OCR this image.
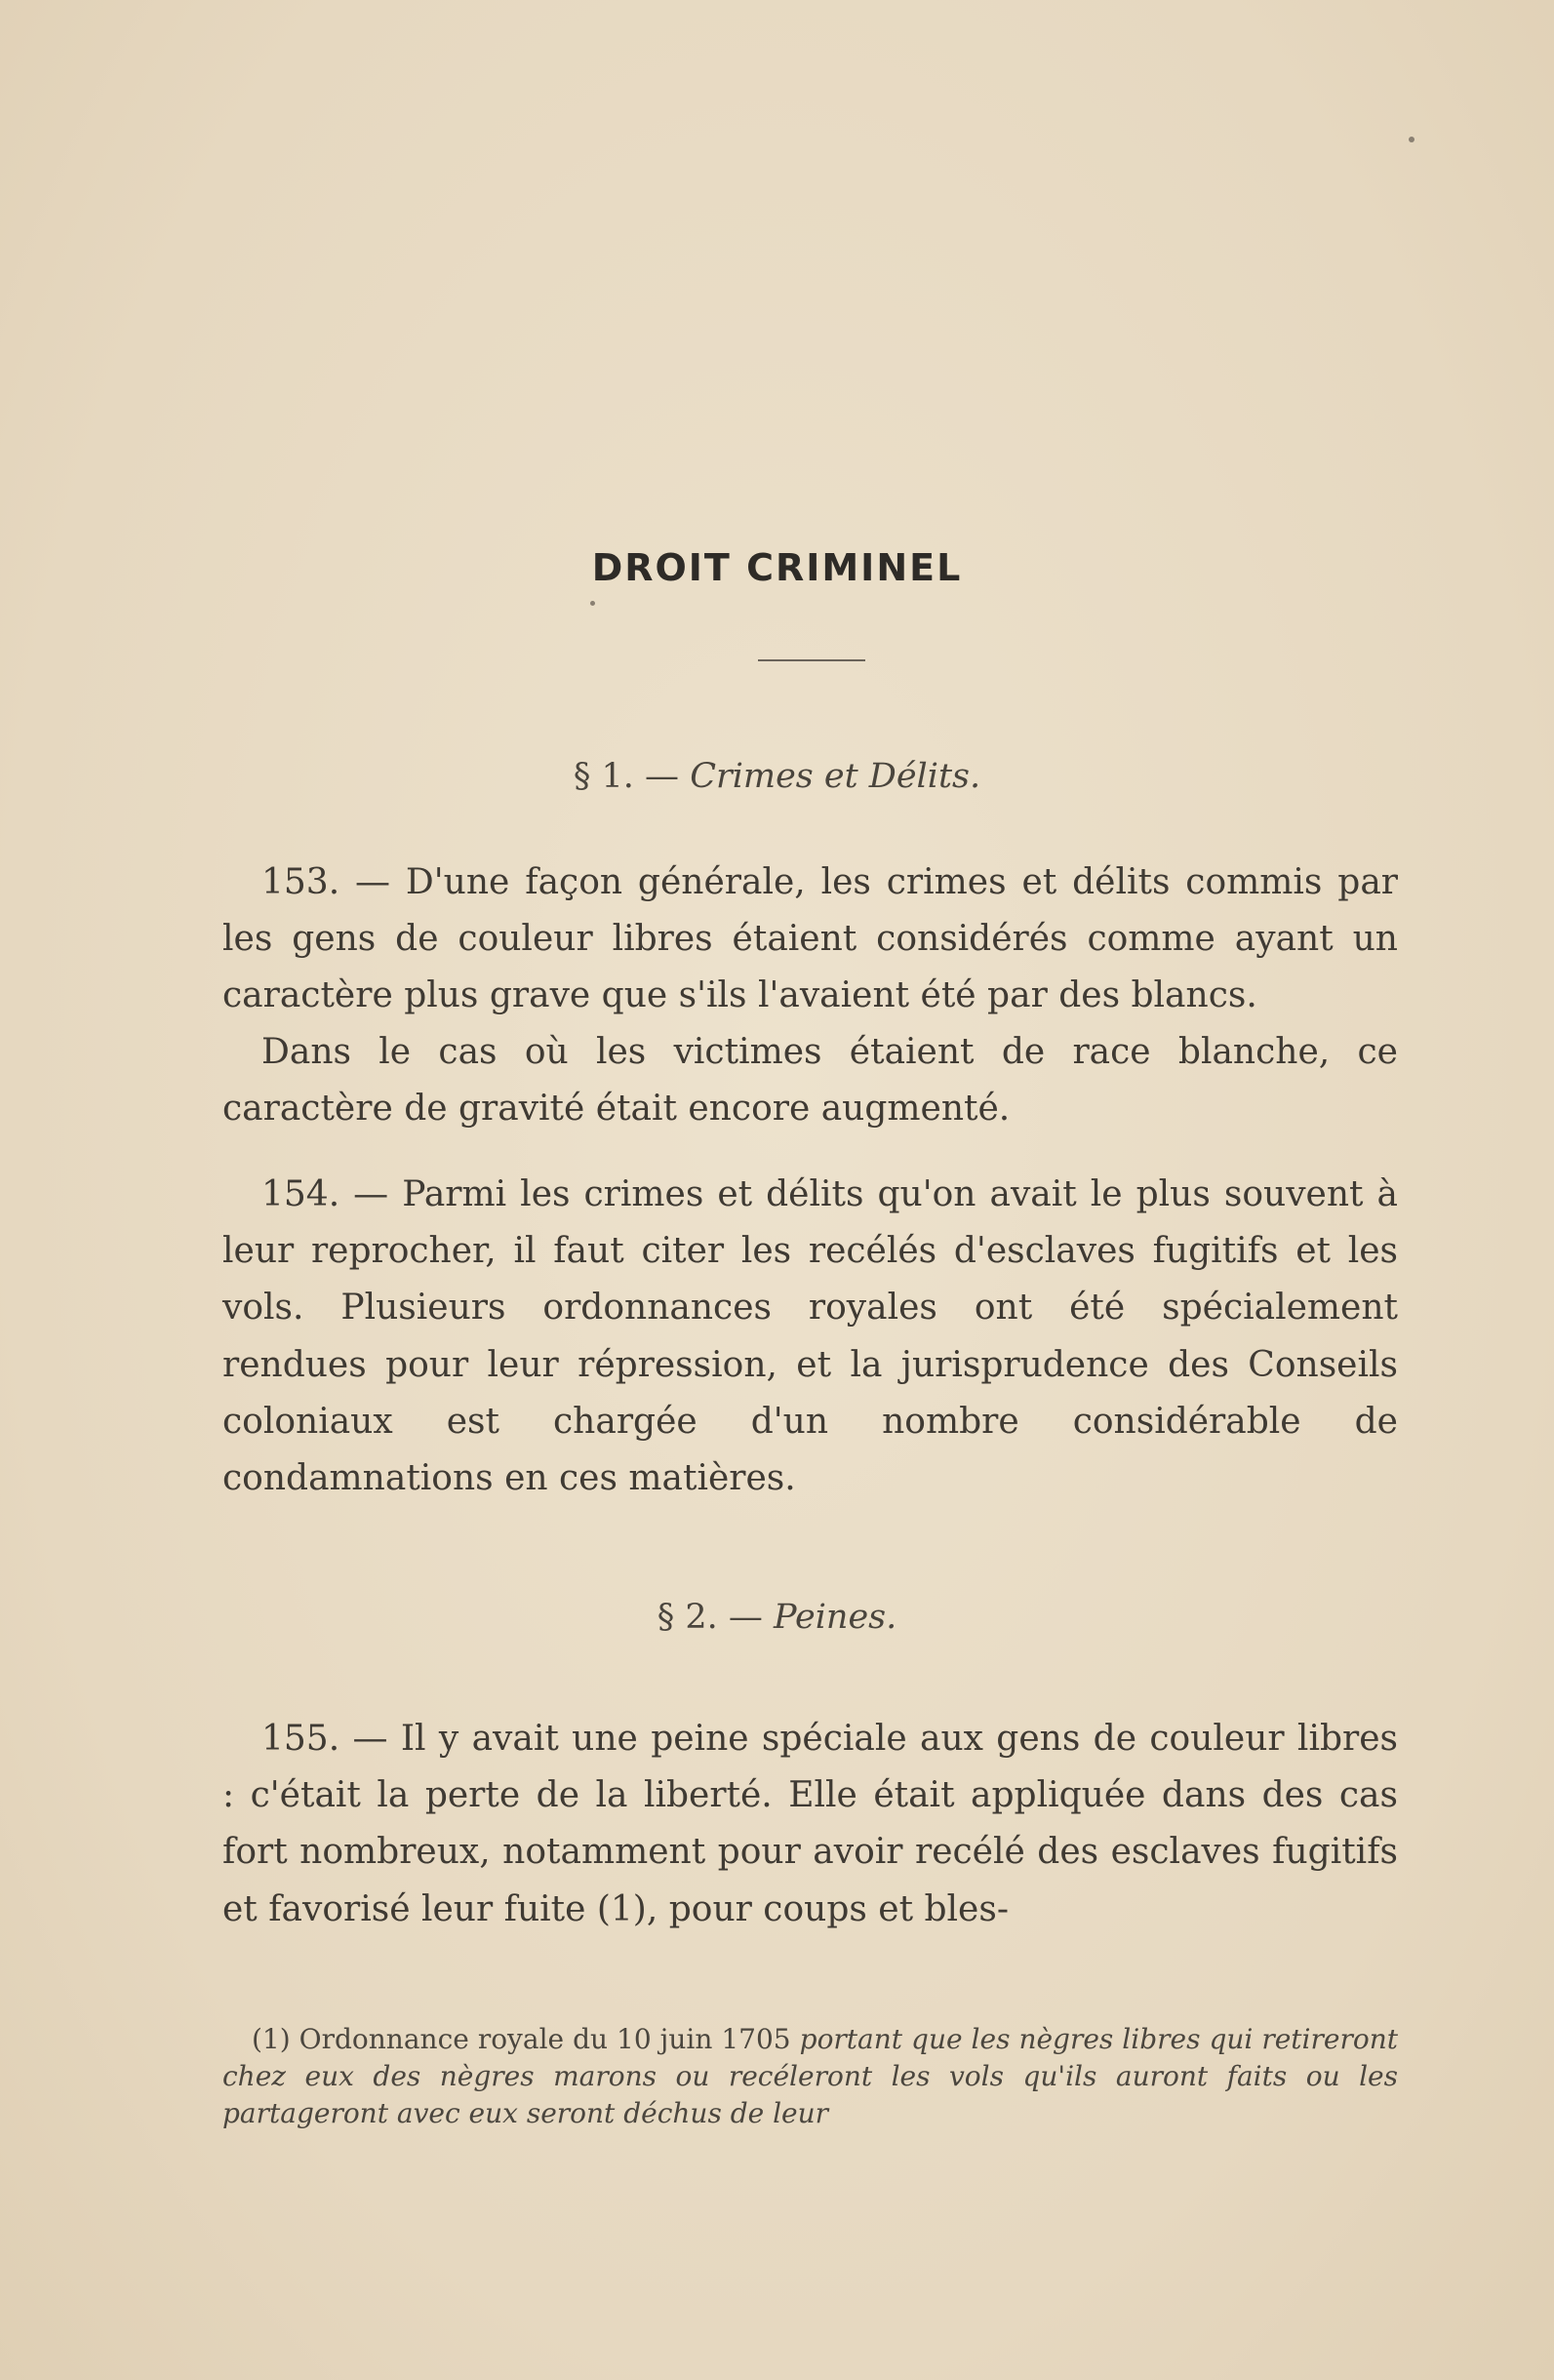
DROIT CRIMINEL
§ 1. — Crimes et Délits.

153. — D'une façon générale, les crimes et délits commis par les gens de couleur libres étaient considérés comme ayant un caractère plus grave que s'ils l'avaient été par des blancs.

Dans le cas où les victimes étaient de race blanche, ce caractère de gravité était encore augmenté.

154. — Parmi les crimes et délits qu'on avait le plus souvent à leur reprocher, il faut citer les recélés d'esclaves fugitifs et les vols. Plusieurs ordonnances royales ont été spécialement rendues pour leur répression, et la jurisprudence des Conseils coloniaux est chargée d'un nombre considérable de condamnations en ces matières.

§ 2. — Peines.

155. — Il y avait une peine spéciale aux gens de couleur libres : c'était la perte de la liberté. Elle était appliquée dans des cas fort nombreux, notamment pour avoir recélé des esclaves fugitifs et favorisé leur fuite (1), pour coups et bles-

(1) Ordonnance royale du 10 juin 1705 portant que les nègres libres qui retireront chez eux des nègres marons ou recéleront les vols qu'ils auront faits ou les partageront avec eux seront déchus de leur
